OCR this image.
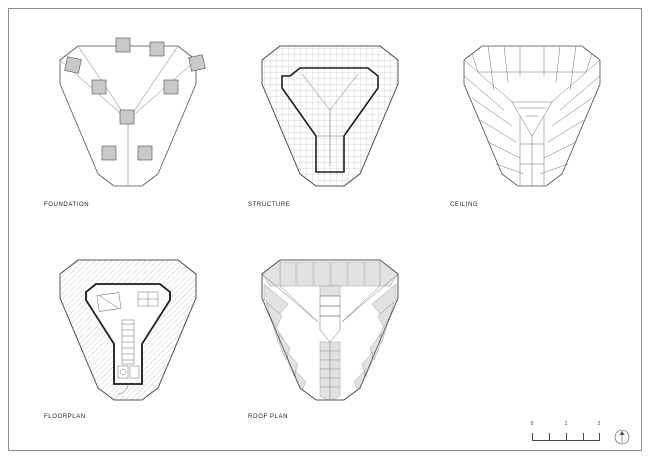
FOUNDATION	STRUCTURE	CEILING
FLOORPLAN	ROOF PLAN
0	1	2
